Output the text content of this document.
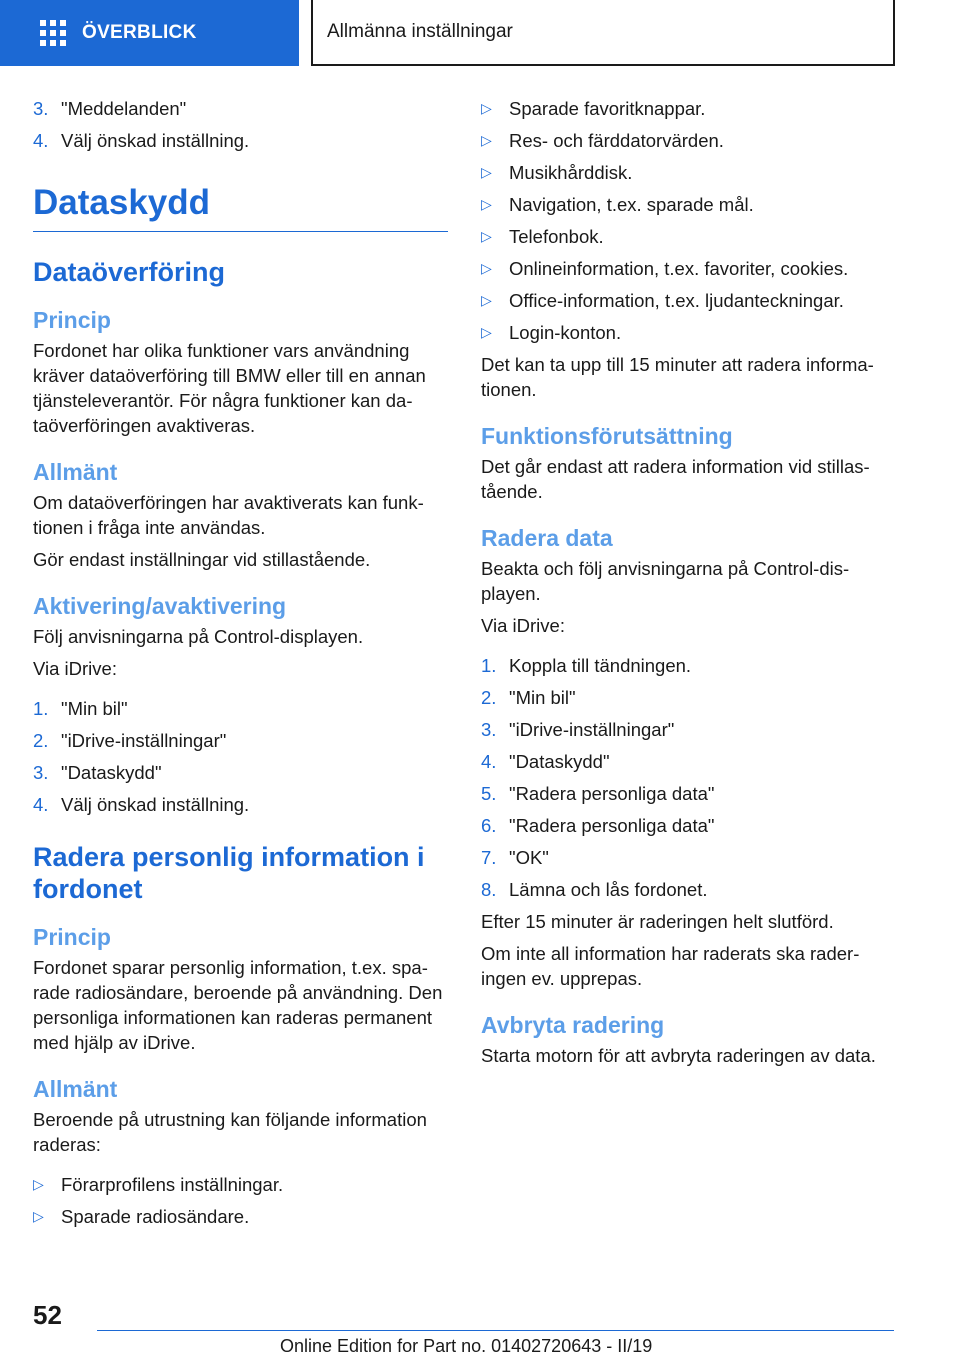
ÖVERBLICK	Allmänna inställningar
3. "Meddelanden"
4. Välj önskad inställning.
Dataskydd
Dataöverföring
Princip
Fordonet har olika funktioner vars användning kräver dataöverföring till BMW eller till en annan tjänsteleverantör. För några funktioner kan dataöverföringen avaktiveras.
Allmänt
Om dataöverföringen har avaktiverats kan funktionen i fråga inte användas.
Gör endast inställningar vid stillastående.
Aktivering/avaktivering
Följ anvisningarna på Control-displayen.
Via iDrive:
1. "Min bil"
2. "iDrive-inställningar"
3. "Dataskydd"
4. Välj önskad inställning.
Radera personlig information i fordonet
Princip
Fordonet sparar personlig information, t.ex. sparade radiosändare, beroende på användning. Den personliga informationen kan raderas permanent med hjälp av iDrive.
Allmänt
Beroende på utrustning kan följande information raderas:
▷ Förarprofilens inställningar.
▷ Sparade radiosändare.
▷ Sparade favoritknappar.
▷ Res- och färddatorvärden.
▷ Musikhårddisk.
▷ Navigation, t.ex. sparade mål.
▷ Telefonbok.
▷ Onlineinformation, t.ex. favoriter, cookies.
▷ Office-information, t.ex. ljudanteckningar.
▷ Login-konton.
Det kan ta upp till 15 minuter att radera informationen.
Funktionsförutsättning
Det går endast att radera information vid stillastående.
Radera data
Beakta och följ anvisningarna på Control-displayen.
Via iDrive:
1. Koppla till tändningen.
2. "Min bil"
3. "iDrive-inställningar"
4. "Dataskydd"
5. "Radera personliga data"
6. "Radera personliga data"
7. "OK"
8. Lämna och lås fordonet.
Efter 15 minuter är raderingen helt slutförd.
Om inte all information har raderats ska raderingen ev. upprepas.
Avbryta radering
Starta motorn för att avbryta raderingen av data.
52
Online Edition for Part no. 01402720643 - II/19
